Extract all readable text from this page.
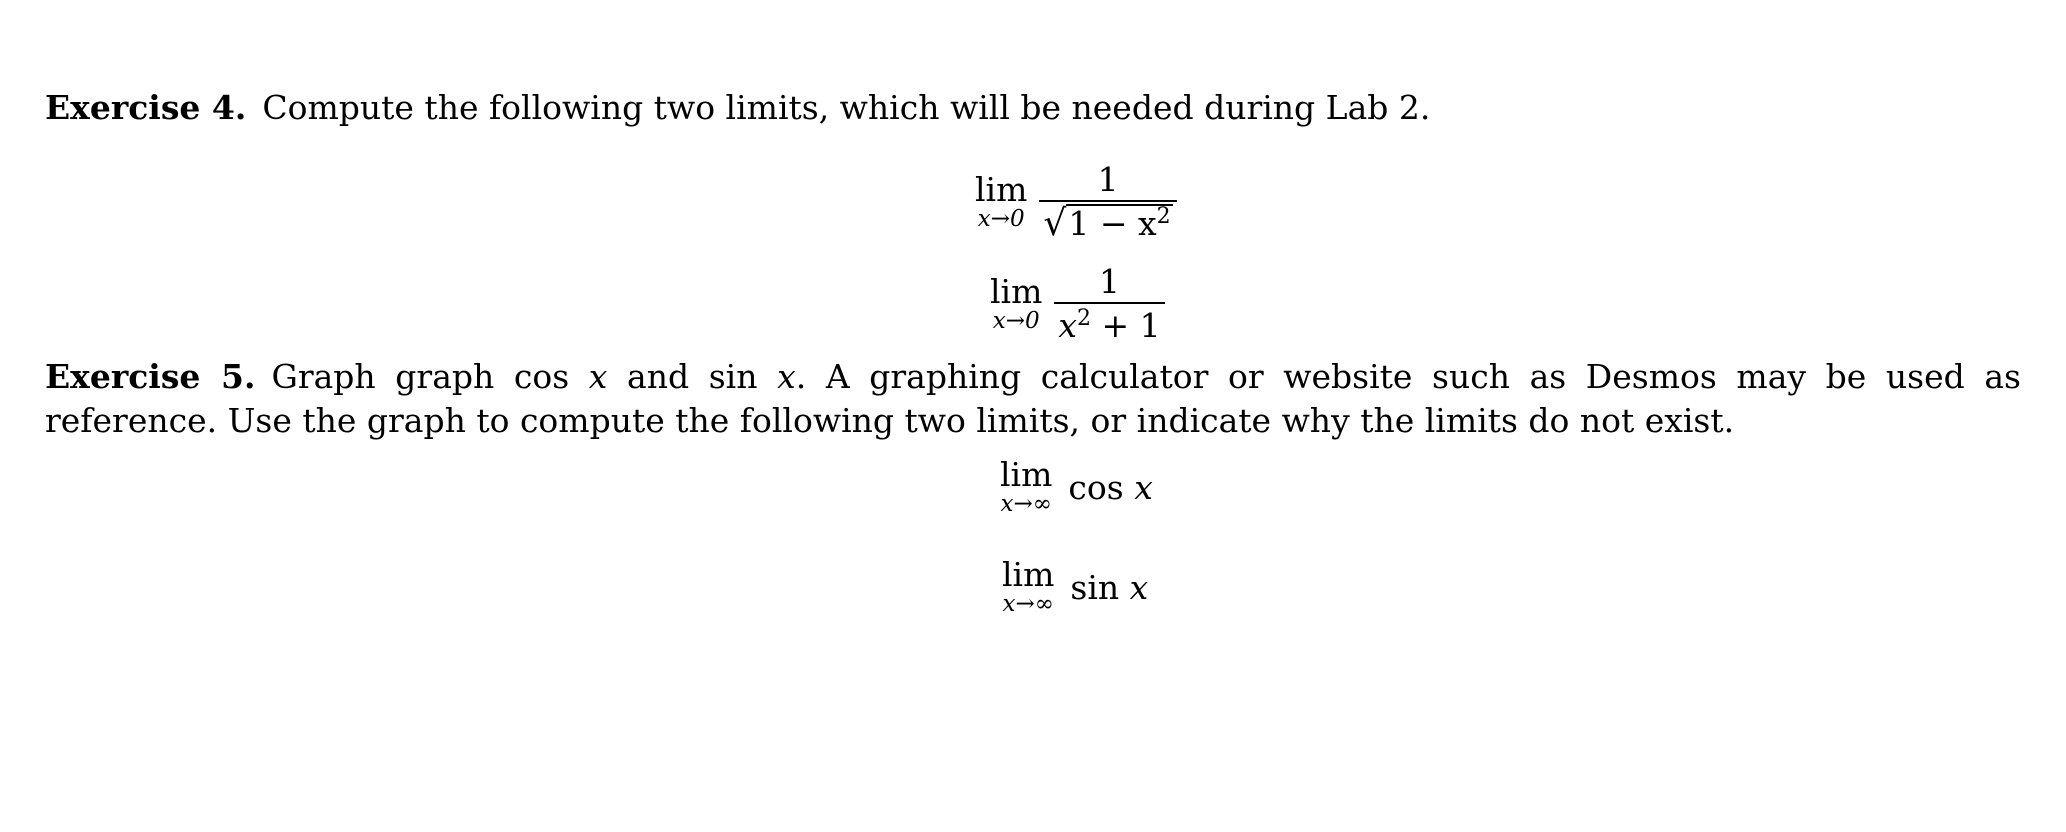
Exercise 4. Compute the following two limits, which will be needed during Lab 2.
lim
$x\to 0 \frac{1}{√ 1 - x^2}$
lim
$x\to 0 \frac{1}{x^2 + 1}$
Exercise 5. Graph graph cos x and sin x. A graphing calculator or website such as Desmos may be used as reference. Use the graph to compute the following two limits, or indicate why the limits do not exist.
lim
x→∞ cos
x
lim
x→∞ sin
x
